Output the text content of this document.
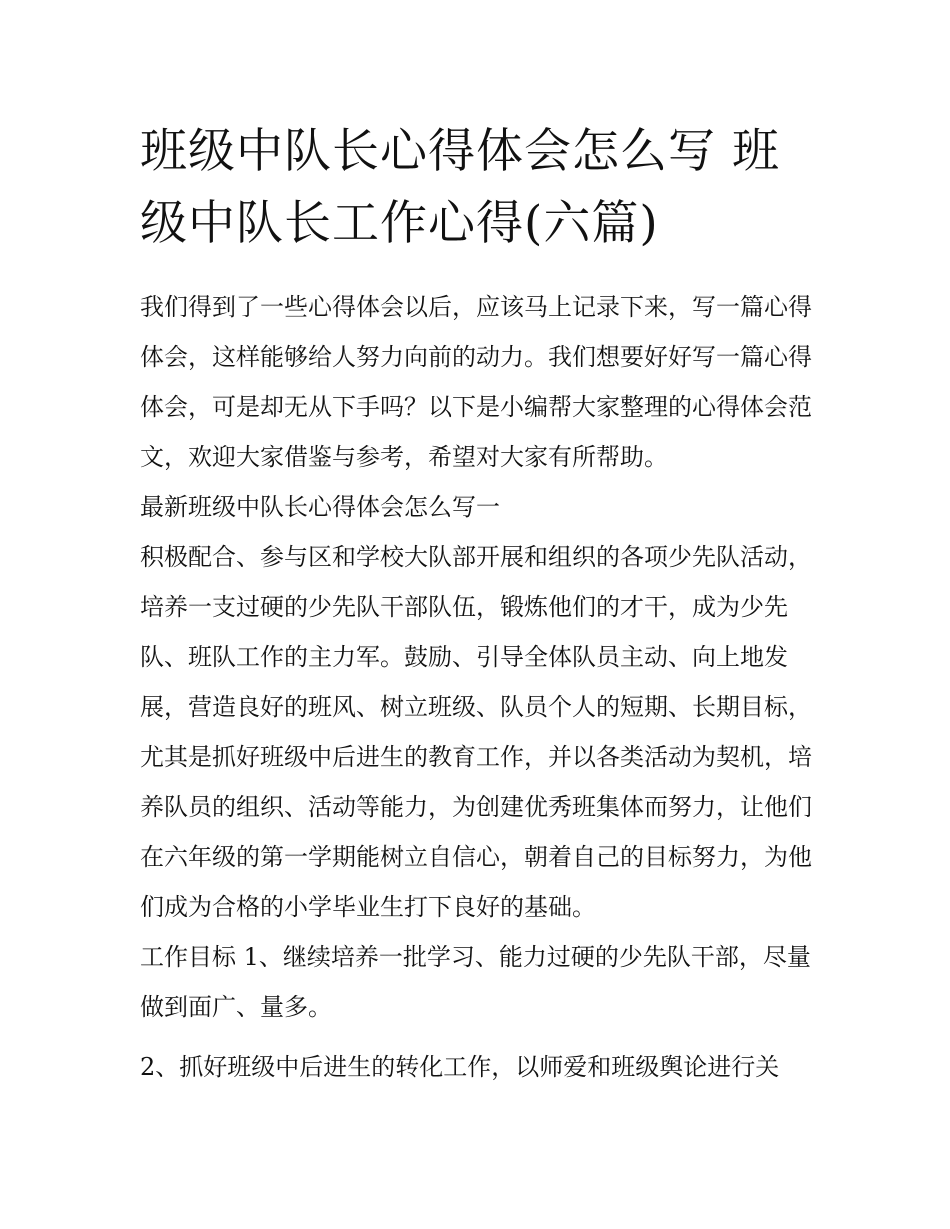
班级中队长心得体会怎么写 班级中队长工作心得(六篇)

我们得到了一些心得体会以后，应该马上记录下来，写一篇心得体会，这样能够给人努力向前的动力。我们想要好好写一篇心得体会，可是却无从下手吗？以下是小编帮大家整理的心得体会范文，欢迎大家借鉴与参考，希望对大家有所帮助。

最新班级中队长心得体会怎么写一

积极配合、参与区和学校大队部开展和组织的各项少先队活动，培养一支过硬的少先队干部队伍，锻炼他们的才干，成为少先队、班队工作的主力军。鼓励、引导全体队员主动、向上地发展，营造良好的班风、树立班级、队员个人的短期、长期目标，尤其是抓好班级中后进生的教育工作，并以各类活动为契机，培养队员的组织、活动等能力，为创建优秀班集体而努力，让他们在六年级的第一学期能树立自信心，朝着自己的目标努力，为他们成为合格的小学毕业生打下良好的基础。

工作目标 1、继续培养一批学习、能力过硬的少先队干部，尽量做到面广、量多。

2、抓好班级中后进生的转化工作，以师爱和班级舆论进行关
